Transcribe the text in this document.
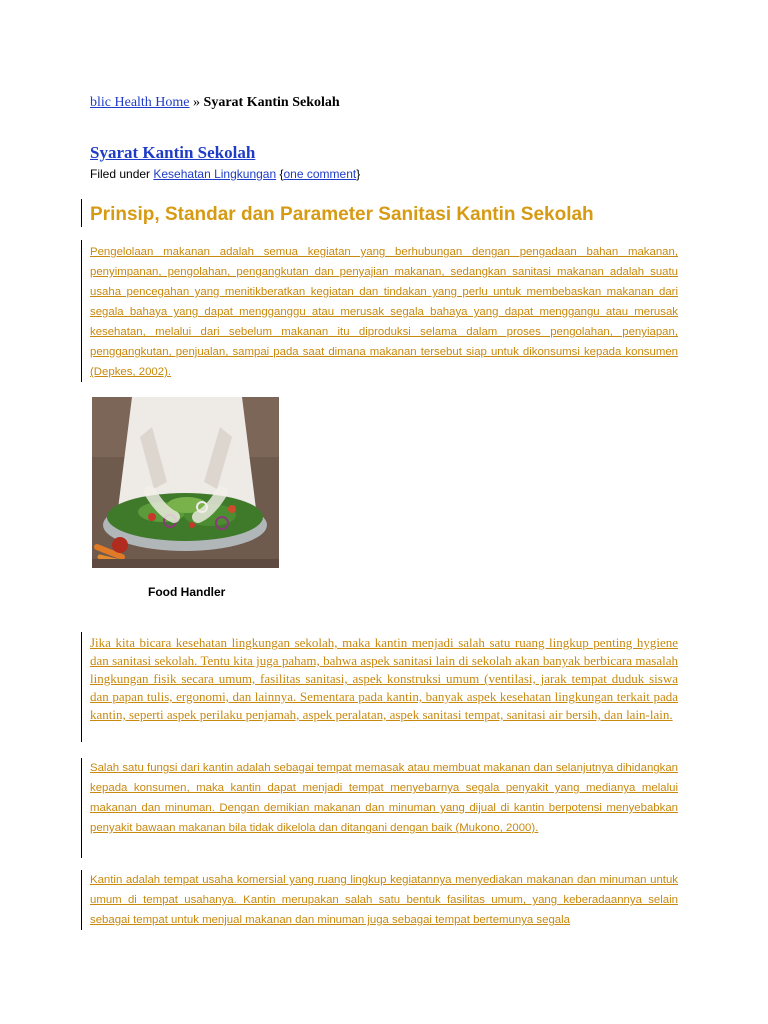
blic Health Home » Syarat Kantin Sekolah
Syarat Kantin Sekolah
Filed under Kesehatan Lingkungan {one comment}
Prinsip, Standar dan Parameter Sanitasi Kantin Sekolah

Pengelolaan makanan adalah semua kegiatan yang berhubungan dengan pengadaan bahan makanan, penyimpanan, pengolahan, pengangkutan dan penyajian makanan, sedangkan sanitasi makanan adalah suatu usaha pencegahan yang menitikberatkan kegiatan dan tindakan yang perlu untuk membebaskan makanan dari segala bahaya yang dapat mengganggu atau merusak segala bahaya yang dapat menggangu atau merusak kesehatan, melalui dari sebelum makanan itu diproduksi selama dalam proses pengolahan, penyiapan, penggangkutan, penjualan, sampai pada saat dimana makanan tersebut siap untuk dikonsumsi kepada konsumen (Depkes, 2002).

Food Handler

Jika kita bicara kesehatan lingkungan sekolah, maka kantin menjadi salah satu ruang lingkup penting hygiene dan sanitasi sekolah. Tentu kita juga paham, bahwa aspek sanitasi lain di sekolah akan banyak berbicara masalah lingkungan fisik secara umum, fasilitas sanitasi, aspek konstruksi umum (ventilasi, jarak tempat duduk siswa dan papan tulis, ergonomi, dan lainnya. Sementara pada kantin, banyak aspek kesehatan lingkungan terkait pada kantin, seperti aspek perilaku penjamah, aspek peralatan, aspek sanitasi tempat, sanitasi air bersih, dan lain-lain.

Salah satu fungsi dari kantin adalah sebagai tempat memasak atau membuat makanan dan selanjutnya dihidangkan kepada konsumen, maka kantin dapat menjadi tempat menyebarnya segala penyakit yang medianya melalui makanan dan minuman. Dengan demikian makanan dan minuman yang dijual di kantin berpotensi menyebabkan penyakit bawaan makanan bila tidak dikelola dan ditangani dengan baik (Mukono, 2000).

Kantin adalah tempat usaha komersial yang ruang lingkup kegiatannya menyediakan makanan dan minuman untuk umum di tempat usahanya. Kantin merupakan salah satu bentuk fasilitas umum, yang keberadaannya selain sebagai tempat untuk menjual makanan dan minuman juga sebagai tempat bertemunya segala
